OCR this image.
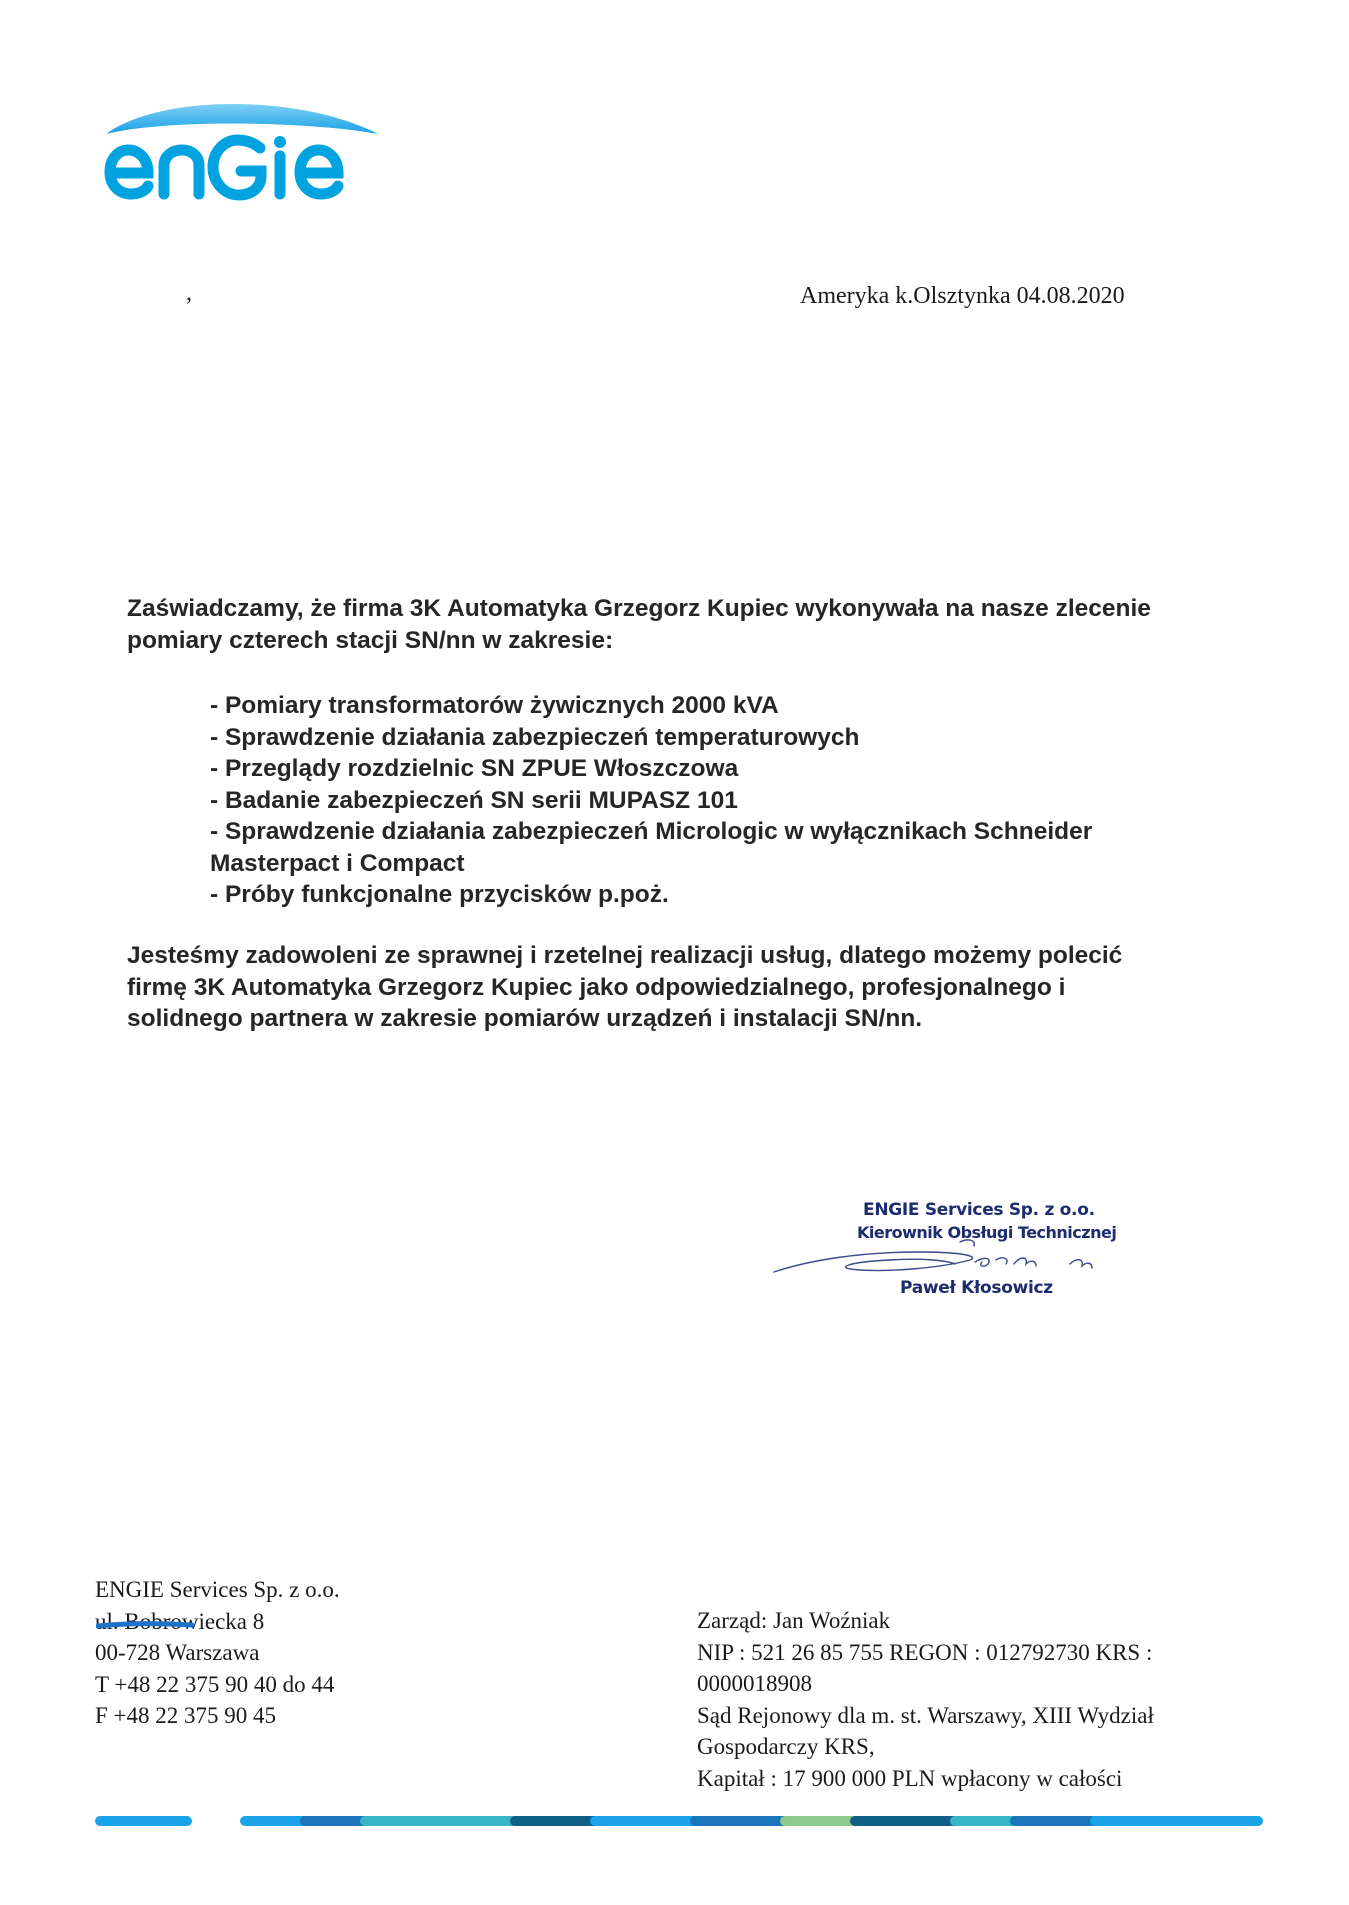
,	Ameryka k.Olsztynka 04.08.2020
Zaświadczamy, że firma 3K Automatyka Grzegorz Kupiec wykonywała na nasze zlecenie pomiary czterech stacji SN/nn w zakresie:
- Pomiary transformatorów żywicznych 2000 kVA
- Sprawdzenie działania zabezpieczeń temperaturowych
- Przeglądy rozdzielnic SN ZPUE Włoszczowa
- Badanie zabezpieczeń SN serii MUPASZ 101
- Sprawdzenie działania zabezpieczeń Micrologic w wyłącznikach Schneider Masterpact i Compact
- Próby funkcjonalne przycisków p.poż.
Jesteśmy zadowoleni ze sprawnej i rzetelnej realizacji usług, dlatego możemy polecić firmę 3K Automatyka Grzegorz Kupiec jako odpowiedzialnego, profesjonalnego i solidnego partnera w zakresie pomiarów urządzeń i instalacji SN/nn.
ENGIE Services Sp. z o.o.
Kierownik Obsługi Technicznej
Paweł Kłosowicz
ENGIE Services Sp. z o.o.
ul. Bobrowiecka 8
00-728 Warszawa
T +48 22 375 90 40 do 44
F +48 22 375 90 45
Zarząd: Jan Woźniak
NIP : 521 26 85 755 REGON : 012792730 KRS :
0000018908
Sąd Rejonowy dla m. st. Warszawy, XIII Wydział
Gospodarczy KRS,
Kapitał : 17 900 000 PLN wpłacony w całości
